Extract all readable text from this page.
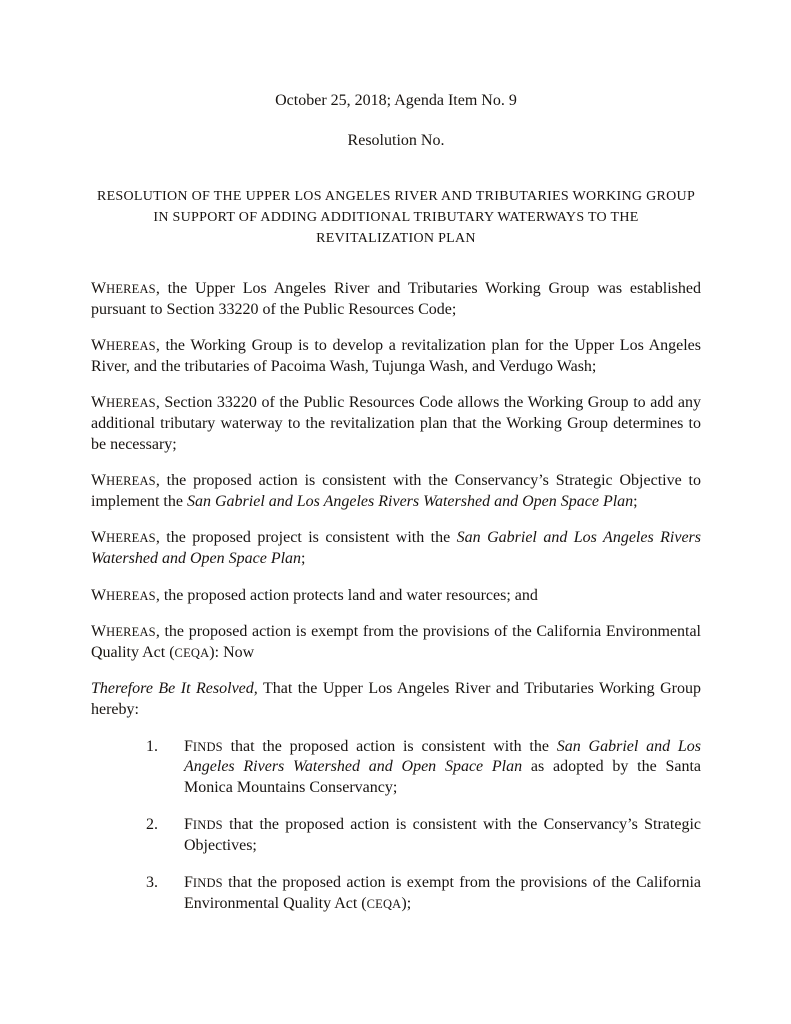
October 25, 2018; Agenda Item No. 9

Resolution No.

RESOLUTION OF THE UPPER LOS ANGELES RIVER AND TRIBUTARIES WORKING GROUP
IN SUPPORT OF ADDING ADDITIONAL TRIBUTARY WATERWAYS TO THE
REVITALIZATION PLAN

WHEREAS, the Upper Los Angeles River and Tributaries Working Group was established pursuant to Section 33220 of the Public Resources Code;

WHEREAS, the Working Group is to develop a revitalization plan for the Upper Los Angeles River, and the tributaries of Pacoima Wash, Tujunga Wash, and Verdugo Wash;

WHEREAS, Section 33220 of the Public Resources Code allows the Working Group to add any additional tributary waterway to the revitalization plan that the Working Group determines to be necessary;

WHEREAS, the proposed action is consistent with the Conservancy’s Strategic Objective to implement the San Gabriel and Los Angeles Rivers Watershed and Open Space Plan;

WHEREAS, the proposed project is consistent with the San Gabriel and Los Angeles Rivers Watershed and Open Space Plan;

WHEREAS, the proposed action protects land and water resources; and

WHEREAS, the proposed action is exempt from the provisions of the California Environmental Quality Act (CEQA): Now

Therefore Be It Resolved, That the Upper Los Angeles River and Tributaries Working Group hereby:

1.	FINDS that the proposed action is consistent with the San Gabriel and Los Angeles Rivers Watershed and Open Space Plan as adopted by the Santa Monica Mountains Conservancy;
2.	FINDS that the proposed action is consistent with the Conservancy’s Strategic Objectives;
3.	FINDS that the proposed action is exempt from the provisions of the California Environmental Quality Act (CEQA);
